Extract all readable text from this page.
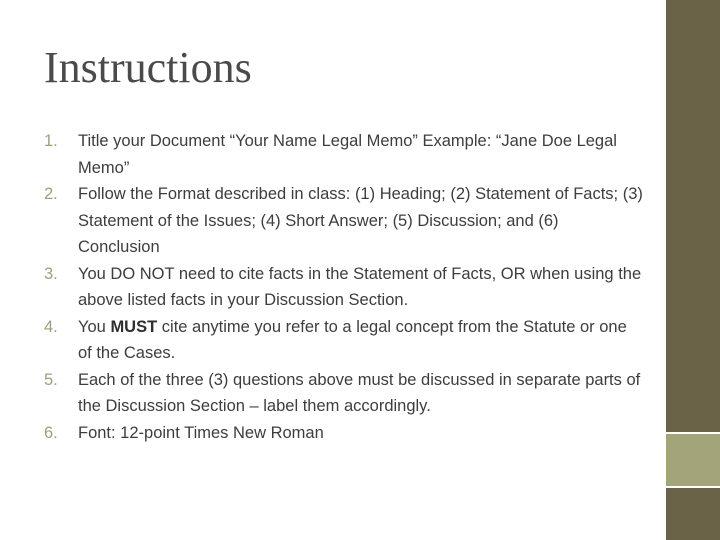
Instructions
1. Title your Document “Your Name Legal Memo” Example: “Jane Doe Legal Memo”
2. Follow the Format described in class: (1) Heading; (2) Statement of Facts; (3) Statement of the Issues; (4) Short Answer; (5) Discussion; and (6) Conclusion
3. You DO NOT need to cite facts in the Statement of Facts, OR when using the above listed facts in your Discussion Section.
4. You MUST cite anytime you refer to a legal concept from the Statute or one of the Cases.
5. Each of the three (3) questions above must be discussed in separate parts of the Discussion Section – label them accordingly.
6. Font: 12-point Times New Roman
